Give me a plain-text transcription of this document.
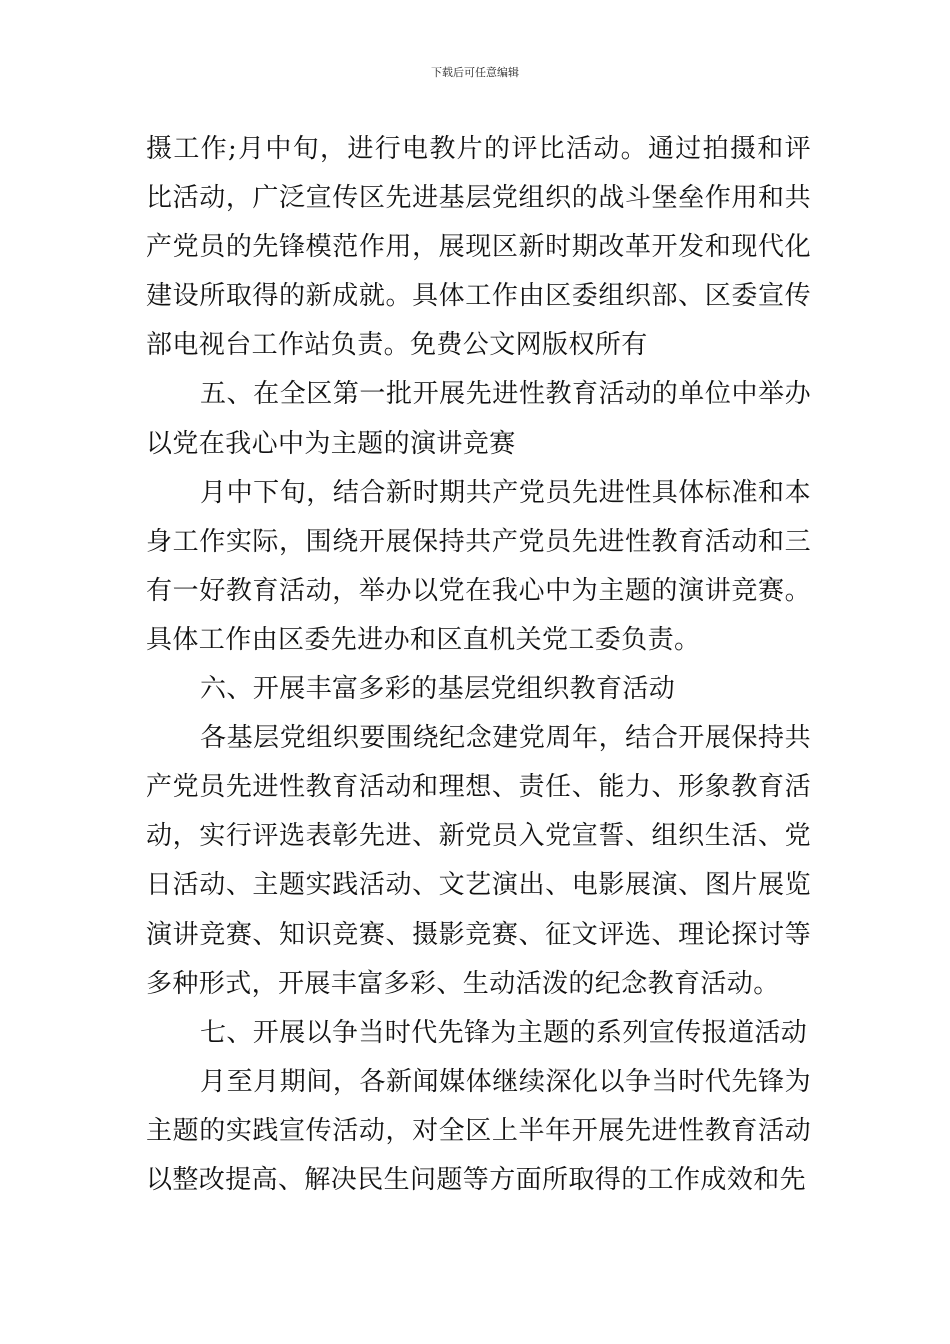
下载后可任意编辑

摄工作;月中旬，进行电教片的评比活动。通过拍摄和评比活动，广泛宣传区先进基层党组织的战斗堡垒作用和共产党员的先锋模范作用，展现区新时期改革开发和现代化建设所取得的新成就。具体工作由区委组织部、区委宣传部电视台工作站负责。免费公文网版权所有

五、在全区第一批开展先进性教育活动的单位中举办以党在我心中为主题的演讲竞赛

月中下旬，结合新时期共产党员先进性具体标准和本身工作实际，围绕开展保持共产党员先进性教育活动和三有一好教育活动，举办以党在我心中为主题的演讲竞赛。具体工作由区委先进办和区直机关党工委负责。

六、开展丰富多彩的基层党组织教育活动

各基层党组织要围绕纪念建党周年，结合开展保持共产党员先进性教育活动和理想、责任、能力、形象教育活动，实行评选表彰先进、新党员入党宣誓、组织生活、党日活动、主题实践活动、文艺演出、电影展演、图片展览演讲竞赛、知识竞赛、摄影竞赛、征文评选、理论探讨等多种形式，开展丰富多彩、生动活泼的纪念教育活动。

七、开展以争当时代先锋为主题的系列宣传报道活动

月至月期间，各新闻媒体继续深化以争当时代先锋为主题的实践宣传活动，对全区上半年开展先进性教育活动以整改提高、解决民生问题等方面所取得的工作成效和先
